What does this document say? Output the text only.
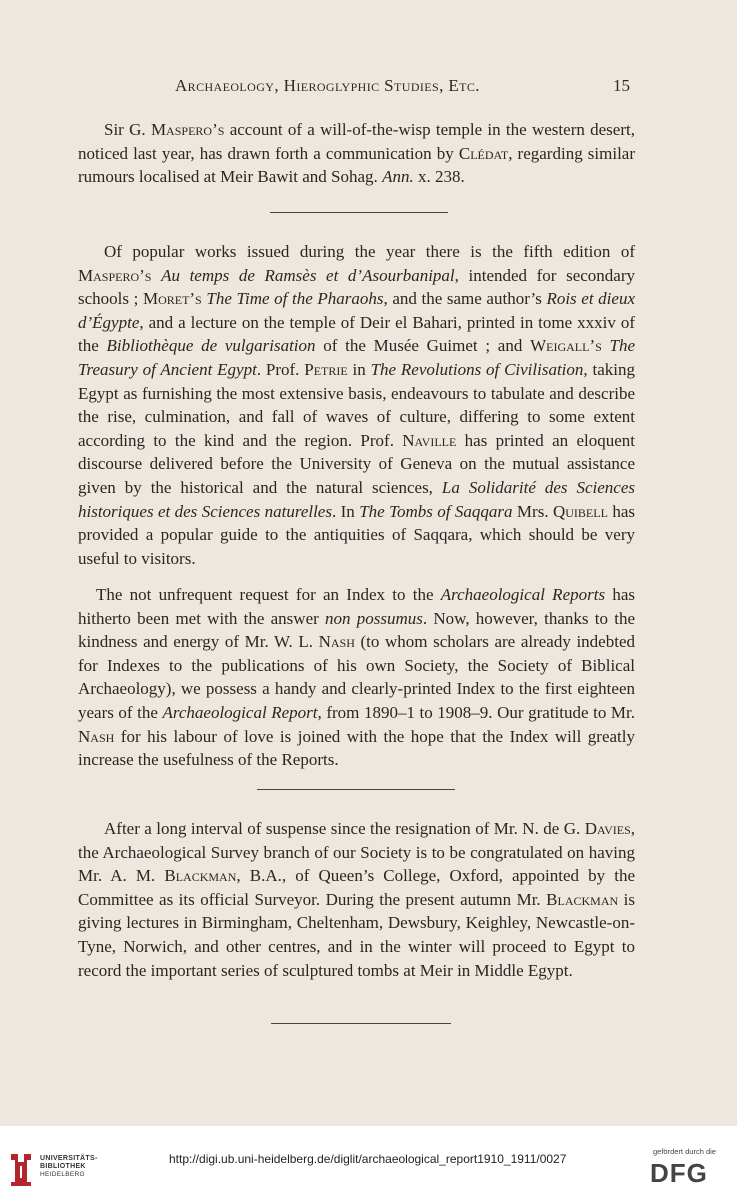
Archaeology, Hieroglyphic Studies, Etc.	15
Sir G. Maspero’s account of a will-of-the-wisp temple in the western desert, noticed last year, has drawn forth a communication by Clédat, regarding similar rumours localised at Meir Bawit and Sohag. Ann. x. 238.
Of popular works issued during the year there is the fifth edition of Maspero’s Au temps de Ramsès et d’Asourbanipal, intended for secondary schools ; Moret’s The Time of the Pharaohs, and the same author’s Rois et dieux d’Égypte, and a lecture on the temple of Deir el Bahari, printed in tome xxxiv of the Bibliothèque de vulgarisation of the Musée Guimet ; and Weigall’s The Treasury of Ancient Egypt. Prof. Petrie in The Revolutions of Civilisation, taking Egypt as furnishing the most extensive basis, endeavours to tabulate and describe the rise, culmination, and fall of waves of culture, differing to some extent according to the kind and the region. Prof. Naville has printed an eloquent discourse delivered before the University of Geneva on the mutual assistance given by the historical and the natural sciences, La Solidarité des Sciences historiques et des Sciences naturelles. In The Tombs of Saqqara Mrs. Quibell has provided a popular guide to the antiquities of Saqqara, which should be very useful to visitors.
The not unfrequent request for an Index to the Archaeological Reports has hitherto been met with the answer non possumus. Now, however, thanks to the kindness and energy of Mr. W. L. Nash (to whom scholars are already indebted for Indexes to the publications of his own Society, the Society of Biblical Archaeology), we possess a handy and clearly-printed Index to the first eighteen years of the Archaeological Report, from 1890–1 to 1908–9. Our gratitude to Mr. Nash for his labour of love is joined with the hope that the Index will greatly increase the usefulness of the Reports.
After a long interval of suspense since the resignation of Mr. N. de G. Davies, the Archaeological Survey branch of our Society is to be congratulated on having Mr. A. M. Blackman, B.A., of Queen’s College, Oxford, appointed by the Committee as its official Surveyor. During the present autumn Mr. Blackman is giving lectures in Birmingham, Cheltenham, Dewsbury, Keighley, Newcastle-on-Tyne, Norwich, and other centres, and in the winter will proceed to Egypt to record the important series of sculptured tombs at Meir in Middle Egypt.
UNIVERSITÄTS-
BIBLIOTHEK
HEIDELBERG
http://digi.ub.uni-heidelberg.de/diglit/archaeological_report1910_1911/0027
gefördert durch die
DFG
